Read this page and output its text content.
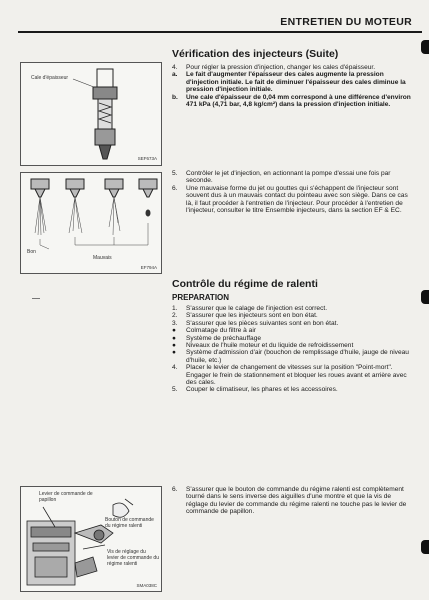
ENTRETIEN DU MOTEUR
Cale d'épaisseur
SEF673A
Vérification des injecteurs (Suite)
4. Pour régler la pression d'injection, changer les cales d'épaisseur.
a. Le fait d'augmenter l'épaisseur des cales augmente la pression d'injection initiale. Le fait de diminuer l'épaisseur des cales diminue la pression d'injection initiale.
b. Une cale d'épaisseur de 0,04 mm correspond à une différence d'environ 471 kPa (4,71 bar, 4,8 kg/cm²) dans la pression d'injection initiale.
Bon
Mauvais
EF794A
5. Contrôler le jet d'injection, en actionnant la pompe d'essai une fois par seconde.
6. Une mauvaise forme du jet ou gouttes qui s'échappent de l'injecteur sont souvent dus à un mauvais contact du pointeau avec son siège. Dans ce cas là, il faut procéder à l'entretien de l'injecteur. Pour procéder à l'entretien de l'injecteur, consulter le titre Ensemble injecteurs, dans la section EF & EC.
Contrôle du régime de ralenti
PREPARATION
1. S'assurer que le calage de l'injection est correct.
2. S'assurer que les injecteurs sont en bon état.
3. S'assurer que les pièces suivantes sont en bon état.
● Colmatage du filtre à air
● Système de préchauffage
● Niveaux de l'huile moteur et du liquide de refroidissement
● Système d'admission d'air (bouchon de remplissage d'huile, jauge de niveau d'huile, etc.)
4. Placer le levier de changement de vitesses sur la position "Point-mort". Engager le frein de stationnement et bloquer les roues avant et arrière avec des cales.
5. Couper le climatiseur, les phares et les accessoires.
Levier de commande de papillon
Bouton de commande du régime ralenti
Vis de réglage du levier de commande du régime ralenti
SMA038C
6. S'assurer que le bouton de commande du régime ralenti est complètement tourné dans le sens inverse des aiguilles d'une montre et que la vis de réglage du levier de commande du régime ralenti ne touche pas le levier de commande de papillon.
